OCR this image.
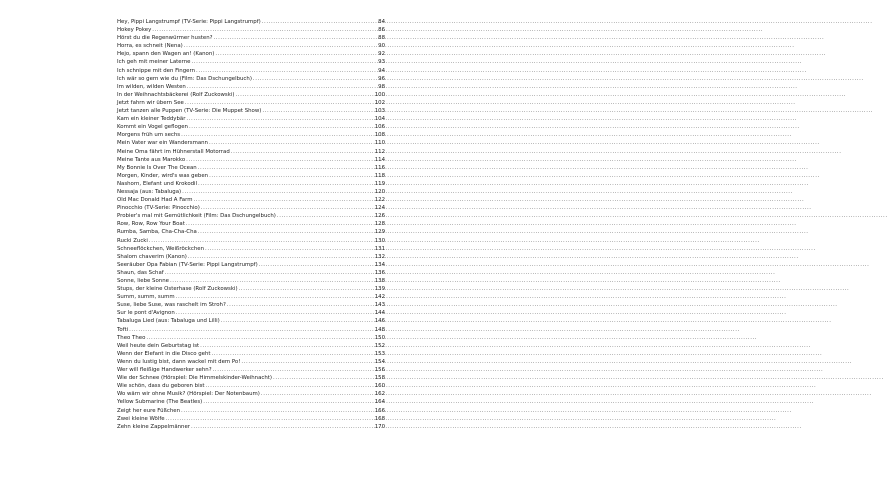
Hey, Pippi Langstrumpf (TV-Serie: Pippi Langstrumpf) .....	84
Hokey Pokey .....	86
Hörst du die Regenwürmer husten? .....	88
Horra, es schneit (Nena) .....	90
Hejo, spann den Wagen an! (Kanon) .....	92
Ich geh mit meiner Laterne .....	93
Ich schnippe mit den Fingern .....	94
Ich wär so gern wie du (Film: Das Dschungelbuch) .....	96
Im wilden, wilden Westen .....	98
In der Weihnachtsbäckerei (Rolf Zuckowski) .....	100
Jetzt fahrn wir übern See .....	102
Jetzt tanzen alle Puppen (TV-Serie: Die Muppet Show) .....	103
Kam ein kleiner Teddybär .....	104
Kommt ein Vogel geflogen .....	106
Morgens früh um sechs .....	108
Mein Vater war ein Wandersmann .....	110
Meine Oma fährt im Hühnerstall Motorrad .....	112
Meine Tante aus Marokko .....	114
My Bonnie Is Over The Ocean .....	116
Morgen, Kinder, wird's was geben .....	118
Nashorn, Elefant und Krokodil .....	119
Nessaja (aus: Tabaluga) .....	120
Old Mac Donald Had A Farm .....	122
Pinocchio (TV-Serie: Pinocchio) .....	124
Probier's mal mit Gemütlichkeit (Film: Das Dschungelbuch) .....	126
Row, Row, Row Your Boat .....	128
Rumba, Samba, Cha-Cha-Cha .....	129
Rucki Zucki .....	130
Schneeflöckchen, Weißröckchen .....	131
Shalom chaverim (Kanon) .....	132
Seeräuber Opa Fabian (TV-Serie: Pippi Langstrumpf) .....	134
Shaun, das Schaf .....	136
Sonne, liebe Sonne .....	138
Stups, der kleine Osterhase (Rolf Zuckowski) .....	139
Summ, summ, summ .....	142
Suse, liebe Suse, was raschelt im Stroh? .....	143
Sur le pont d'Avignon .....	144
Tabaluga Lied (aus: Tabaluga und Lilli) .....	146
Tofti .....	148
Theo Theo .....	150
Weil heute dein Geburtstag ist .....	152
Wenn der Elefant in die Disco geht .....	153
Wenn du lustig bist, dann wackel mit dem Po! .....	154
Wer will fleißige Handwerker sehn? .....	156
Wie der Schnee (Hörspiel: Die Himmelskinder-Weihnacht) .....	158
Wie schön, dass du geboren bist .....	160
Wo wärn wir ohne Musik? (Hörspiel: Der Notenbaum) .....	162
Yellow Submarine (The Beatles) .....	164
Zeigt her eure Füßchen .....	166
Zwei kleine Wölfe .....	168
Zehn kleine Zappelmänner .....	170
